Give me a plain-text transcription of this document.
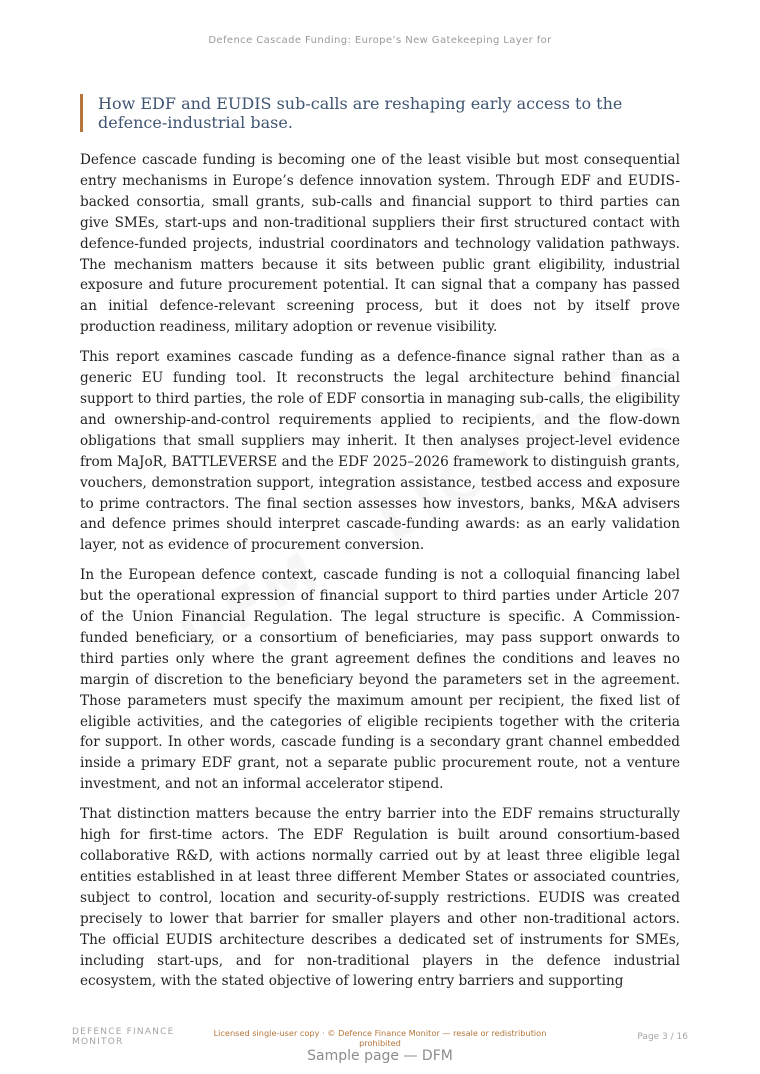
Defence Cascade Funding: Europe’s New Gatekeeping Layer for
How EDF and EUDIS sub-calls are reshaping early access to the defence-industrial base.

Defence cascade funding is becoming one of the least visible but most consequential entry mechanisms in Europe’s defence innovation system. Through EDF and EUDIS-backed consortia, small grants, sub-calls and financial support to third parties can give SMEs, start-ups and non-traditional suppliers their first structured contact with defence-funded projects, industrial coordinators and technology validation pathways. The mechanism matters because it sits between public grant eligibility, industrial exposure and future procurement potential. It can signal that a company has passed an initial defence-relevant screening process, but it does not by itself prove production readiness, military adoption or revenue visibility.

This report examines cascade funding as a defence-finance signal rather than as a generic EU funding tool. It reconstructs the legal architecture behind financial support to third parties, the role of EDF consortia in managing sub-calls, the eligibility and ownership-and-control requirements applied to recipients, and the flow-down obligations that small suppliers may inherit. It then analyses project-level evidence from MaJoR, BATTLEVERSE and the EDF 2025–2026 framework to distinguish grants, vouchers, demonstration support, integration assistance, testbed access and exposure to prime contractors. The final section assesses how investors, banks, M&A advisers and defence primes should interpret cascade-funding awards: as an early validation layer, not as evidence of procurement conversion.

In the European defence context, cascade funding is not a colloquial financing label but the operational expression of financial support to third parties under Article 207 of the Union Financial Regulation. The legal structure is specific. A Commission-funded beneficiary, or a consortium of beneficiaries, may pass support onwards to third parties only where the grant agreement defines the conditions and leaves no margin of discretion to the beneficiary beyond the parameters set in the agreement. Those parameters must specify the maximum amount per recipient, the fixed list of eligible activities, and the categories of eligible recipients together with the criteria for support. In other words, cascade funding is a secondary grant channel embedded inside a primary EDF grant, not a separate public procurement route, not a venture investment, and not an informal accelerator stipend.

That distinction matters because the entry barrier into the EDF remains structurally high for first-time actors. The EDF Regulation is built around consortium-based collaborative R&D, with actions normally carried out by at least three eligible legal entities established in at least three different Member States or associated countries, subject to control, location and security-of-supply restrictions. EUDIS was created precisely to lower that barrier for smaller players and other non-traditional actors. The official EUDIS architecture describes a dedicated set of instruments for SMEs, including start-ups, and for non-traditional players in the defence industrial ecosystem, with the stated objective of lowering entry barriers and supporting

DEFENCE FINANCE
MONITOR
Licensed single-user copy · © Defence Finance Monitor — resale or redistribution prohibited
Page 3 / 16
Sample page — DFM
